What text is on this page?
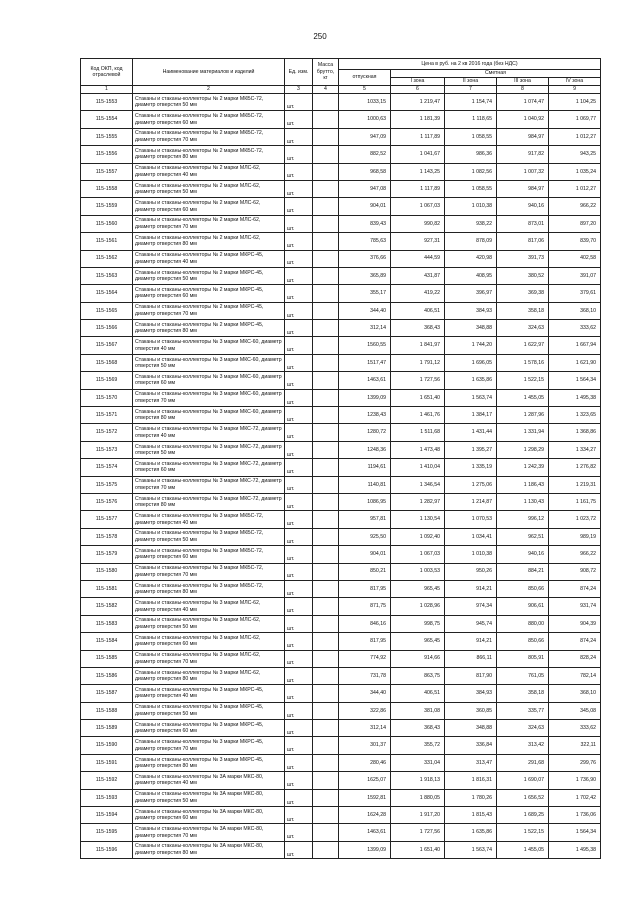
250
Код ОКП, код отраслевой	Наименование материалов и изделий	Ед. изм.	Масса брутто, кг	Цена в руб. на 2 кв 2016 года (без НДС)				
				отпускная	Сметная			
					I зона	II зона	III зона	IV зона
1	2	3	4	5	6	7	8	9
115-1553	Стаканы и стаканы-коллекторы № 2 марки МКБС-72, диаметр отверстия 50 мм	шт.		1033,15	1 219,47	1 154,74	1 074,47	1 104,25
115-1554	Стаканы и стаканы-коллекторы № 2 марки МКБС-72, диаметр отверстия 60 мм	шт.		1000,63	1 181,39	1 118,65	1 040,92	1 069,77
115-1555	Стаканы и стаканы-коллекторы № 2 марки МКБС-72, диаметр отверстия 70 мм	шт.		947,09	1 117,89	1 058,55	984,97	1 012,27
115-1556	Стаканы и стаканы-коллекторы № 2 марки МКБС-72, диаметр отверстия 80 мм	шт.		882,52	1 041,67	986,36	917,82	943,25
115-1557	Стаканы и стаканы-коллекторы № 2 марки МЛС-62, диаметр отверстия 40 мм	шт.		968,58	1 143,25	1 082,56	1 007,32	1 035,24
115-1558	Стаканы и стаканы-коллекторы № 2 марки МЛС-62, диаметр отверстия 50 мм	шт.		947,08	1 117,89	1 058,55	984,97	1 012,27
115-1559	Стаканы и стаканы-коллекторы № 2 марки МЛС-62, диаметр отверстия 60 мм	шт.		904,01	1 067,03	1 010,38	940,16	966,22
115-1560	Стаканы и стаканы-коллекторы № 2 марки МЛС-62, диаметр отверстия 70 мм	шт.		839,43	990,82	938,22	873,01	897,20
115-1561	Стаканы и стаканы-коллекторы № 2 марки МЛС-62, диаметр отверстия 80 мм	шт.		785,63	927,31	878,09	817,06	839,70
115-1562	Стаканы и стаканы-коллекторы № 2 марки МКРС-45, диаметр отверстия 40 мм	шт.		376,66	444,59	420,98	391,73	402,58
115-1563	Стаканы и стаканы-коллекторы № 2 марки МКРС-45, диаметр отверстия 50 мм	шт.		365,89	431,87	408,95	380,52	391,07
115-1564	Стаканы и стаканы-коллекторы № 2 марки МКРС-45, диаметр отверстия 60 мм	шт.		355,17	419,22	396,97	369,38	379,61
115-1565	Стаканы и стаканы-коллекторы № 2 марки МКРС-45, диаметр отверстия 70 мм	шт.		344,40	406,51	384,93	358,18	368,10
115-1566	Стаканы и стаканы-коллекторы № 2 марки МКРС-45, диаметр отверстия 80 мм	шт.		312,14	368,43	348,88	324,63	333,62
115-1567	Стаканы и стаканы-коллекторы № 3 марки МКС-60, диаметр отверстия 40 мм	шт.		1560,55	1 841,97	1 744,20	1 622,97	1 667,94
115-1568	Стаканы и стаканы-коллекторы № 3 марки МКС-60, диаметр отверстия 50 мм	шт.		1517,47	1 791,12	1 696,05	1 578,16	1 621,90
115-1569	Стаканы и стаканы-коллекторы № 3 марки МКС-60, диаметр отверстия 60 мм	шт.		1463,61	1 727,56	1 635,86	1 522,15	1 564,34
115-1570	Стаканы и стаканы-коллекторы № 3 марки МКС-60, диаметр отверстия 70 мм	шт.		1399,09	1 651,40	1 563,74	1 455,05	1 495,38
115-1571	Стаканы и стаканы-коллекторы № 3 марки МКС-60, диаметр отверстия 80 мм	шт.		1238,43	1 461,76	1 384,17	1 287,96	1 323,65
115-1572	Стаканы и стаканы-коллекторы № 3 марки МКС-72, диаметр отверстия 40 мм	шт.		1280,72	1 511,68	1 431,44	1 331,94	1 368,86
115-1573	Стаканы и стаканы-коллекторы № 3 марки МКС-72, диаметр отверстия 50 мм	шт.		1248,36	1 473,48	1 395,27	1 298,29	1 334,27
115-1574	Стаканы и стаканы-коллекторы № 3 марки МКС-72, диаметр отверстия 60 мм	шт.		1194,61	1 410,04	1 335,19	1 242,39	1 276,82
115-1575	Стаканы и стаканы-коллекторы № 3 марки МКС-72, диаметр отверстия 70 мм	шт.		1140,81	1 346,54	1 275,06	1 186,43	1 219,31
115-1576	Стаканы и стаканы-коллекторы № 3 марки МКС-72, диаметр отверстия 80 мм	шт.		1086,95	1 282,97	1 214,87	1 130,43	1 161,75
115-1577	Стаканы и стаканы-коллекторы № 3 марки МКБС-72, диаметр отверстия 40 мм	шт.		957,81	1 130,54	1 070,53	996,12	1 023,72
115-1578	Стаканы и стаканы-коллекторы № 3 марки МКБС-72, диаметр отверстия 50 мм	шт.		925,50	1 092,40	1 034,41	962,51	989,19
115-1579	Стаканы и стаканы-коллекторы № 3 марки МКБС-72, диаметр отверстия 60 мм	шт.		904,01	1 067,03	1 010,38	940,16	966,22
115-1580	Стаканы и стаканы-коллекторы № 3 марки МКБС-72, диаметр отверстия 70 мм	шт.		850,21	1 003,53	950,26	884,21	908,72
115-1581	Стаканы и стаканы-коллекторы № 3 марки МКБС-72, диаметр отверстия 80 мм	шт.		817,95	965,45	914,21	850,66	874,24
115-1582	Стаканы и стаканы-коллекторы № 3 марки МЛС-62, диаметр отверстия 40 мм	шт.		871,75	1 028,96	974,34	906,61	931,74
115-1583	Стаканы и стаканы-коллекторы № 3 марки МЛС-62, диаметр отверстия 50 мм	шт.		846,16	998,75	945,74	880,00	904,39
115-1584	Стаканы и стаканы-коллекторы № 3 марки МЛС-62, диаметр отверстия 60 мм	шт.		817,95	965,45	914,21	850,66	874,24
115-1585	Стаканы и стаканы-коллекторы № 3 марки МЛС-62, диаметр отверстия 70 мм	шт.		774,92	914,66	866,11	805,91	828,24
115-1586	Стаканы и стаканы-коллекторы № 3 марки МЛС-62, диаметр отверстия 80 мм	шт.		731,78	863,75	817,90	761,05	782,14
115-1587	Стаканы и стаканы-коллекторы № 3 марки МКРС-45, диаметр отверстия 40 мм	шт.		344,40	406,51	384,93	358,18	368,10
115-1588	Стаканы и стаканы-коллекторы № 3 марки МКРС-45, диаметр отверстия 50 мм	шт.		322,86	381,08	360,85	335,77	345,08
115-1589	Стаканы и стаканы-коллекторы № 3 марки МКРС-45, диаметр отверстия 60 мм	шт.		312,14	368,43	348,88	324,63	333,62
115-1590	Стаканы и стаканы-коллекторы № 3 марки МКРС-45, диаметр отверстия 70 мм	шт.		301,37	355,72	336,84	313,42	322,11
115-1591	Стаканы и стаканы-коллекторы № 3 марки МКРС-45, диаметр отверстия 80 мм	шт.		280,46	331,04	313,47	291,68	299,76
115-1592	Стаканы и стаканы-коллекторы № 3А марки МКС-80, диаметр отверстия 40 мм	шт.		1625,07	1 918,13	1 816,31	1 690,07	1 736,90
115-1593	Стаканы и стаканы-коллекторы № 3А марки МКС-80, диаметр отверстия 50 мм	шт.		1592,81	1 880,05	1 780,26	1 656,52	1 702,42
115-1594	Стаканы и стаканы-коллекторы № 3А марки МКС-80, диаметр отверстия 60 мм	шт.		1624,28	1 917,20	1 815,43	1 689,25	1 736,06
115-1595	Стаканы и стаканы-коллекторы № 3А марки МКС-80, диаметр отверстия 70 мм	шт.		1463,61	1 727,56	1 635,86	1 522,15	1 564,34
115-1596	Стаканы и стаканы-коллекторы № 3А марки МКС-80, диаметр отверстия 80 мм	шт.		1399,09	1 651,40	1 563,74	1 455,05	1 495,38
